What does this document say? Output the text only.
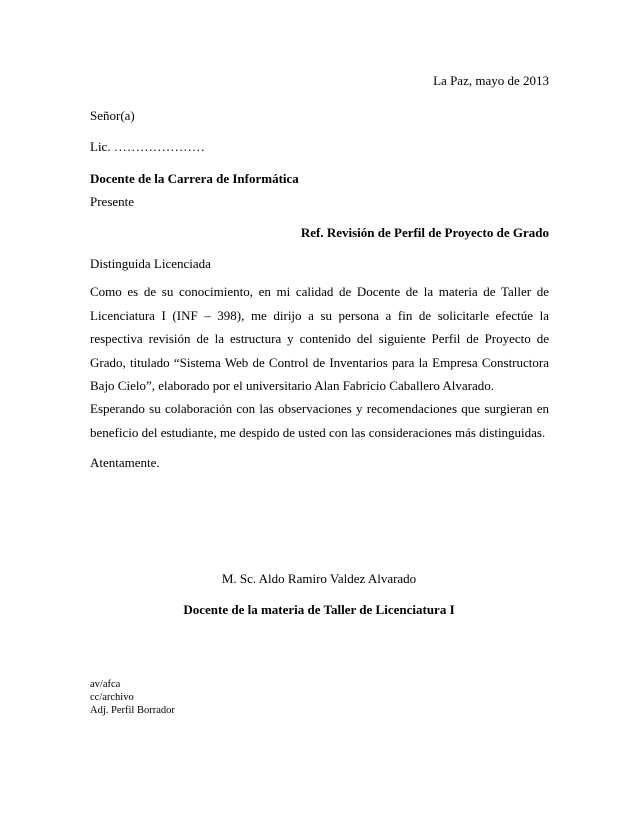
La Paz, mayo de 2013
Señor(a)
Lic. …………………
Docente de la Carrera de Informática
Presente
Ref. Revisión de Perfil de Proyecto de Grado
Distinguida Licenciada
Como es de su conocimiento, en mi calidad de Docente de la materia de Taller de Licenciatura I (INF – 398), me dirijo a su persona a fin de solicitarle efectúe la respectiva revisión de la estructura y contenido del siguiente Perfil de Proyecto de Grado, titulado “Sistema Web de Control de Inventarios para la Empresa Constructora Bajo Cielo”, elaborado por el universitario Alan Fabricio Caballero Alvarado.
Esperando su colaboración con las observaciones y recomendaciones que surgieran en beneficio del estudiante, me despido de usted con las consideraciones más distinguidas.
Atentamente.
M. Sc. Aldo Ramiro Valdez Alvarado
Docente de la materia de Taller de Licenciatura I
av/afca
cc/archivo
Adj. Perfil Borrador
